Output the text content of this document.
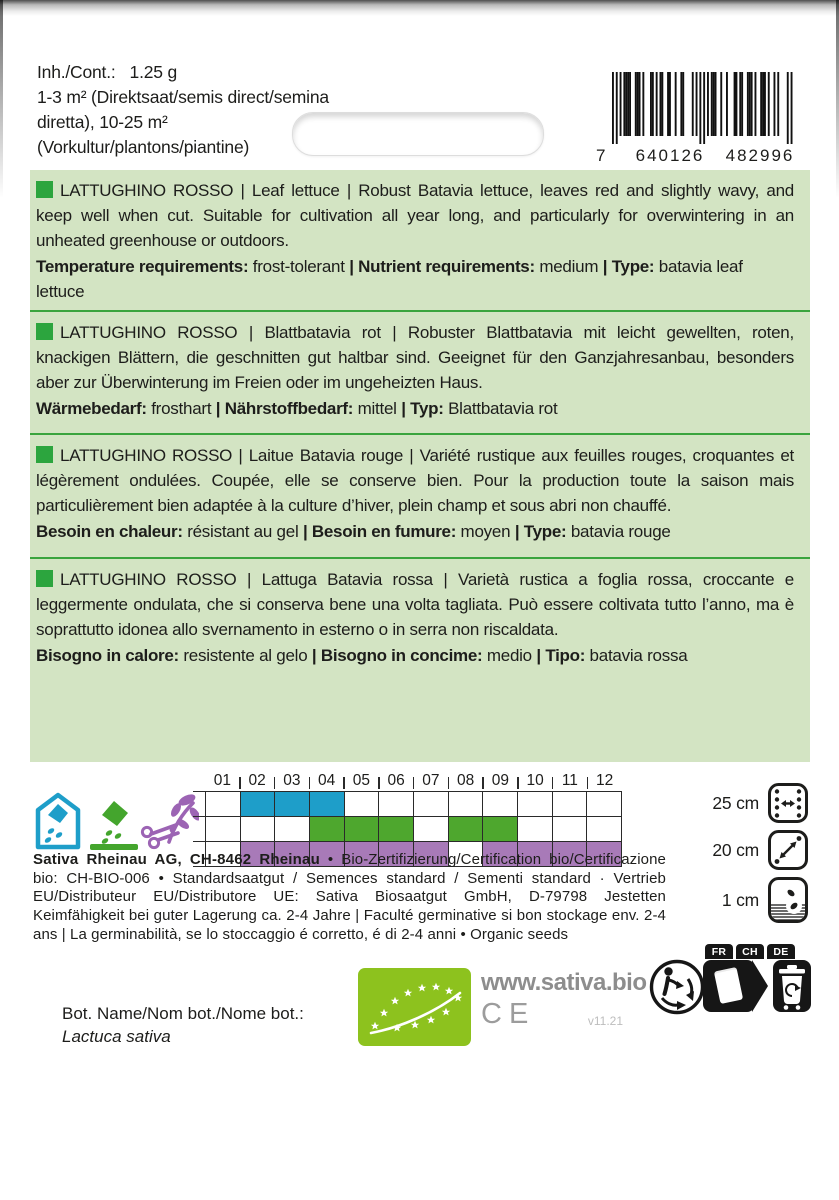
Inh./Cont.: 1.25 g
1-3 m² (Direktsaat/semis direct/semina diretta), 10-25 m² (Vorkultur/plantons/piantine)	7	640126	482996
LATTUGHINO ROSSO | Leaf lettuce | Robust Batavia lettuce, leaves red and slightly wavy, and keep well when cut. Suitable for cultivation all year long, and particularly for overwintering in an unheated greenhouse or outdoors.
Temperature requirements: frost-tolerant | Nutrient requirements: medium | Type: batavia leaf lettuce
LATTUGHINO ROSSO | Blattbatavia rot | Robuster Blattbatavia mit leicht gewellten, roten, knackigen Blättern, die geschnitten gut haltbar sind. Geeignet für den Ganzjahresanbau, besonders aber zur Überwinterung im Freien oder im ungeheizten Haus.
Wärmebedarf: frosthart | Nährstoffbedarf: mittel | Typ: Blattbatavia rot
LATTUGHINO ROSSO | Laitue Batavia rouge | Variété rustique aux feuilles rouges, croquantes et légèrement ondulées. Coupée, elle se conserve bien. Pour la production toute la saison mais particulièrement bien adaptée à la culture d’hiver, plein champ et sous abri non chauffé.
Besoin en chaleur: résistant au gel | Besoin en fumure: moyen | Type: batavia rouge
LATTUGHINO ROSSO | Lattuga Batavia rossa | Varietà rustica a foglia rossa, croccante e leggermente ondulata, che si conserva bene una volta tagliata. Può essere coltivata tutto l’anno, ma è soprattutto idonea allo svernamento in esterno o in serra non riscaldata.
Bisogno in calore: resistente al gelo | Bisogno in concime: medio | Tipo: batavia rossa
01	02	03	04	05	06	07	08	09	10	11	12
25 cm
20 cm
1 cm
Sativa Rheinau AG, CH-8462 Rheinau • Bio-Zertifizierung/Certification bio/Certificazione bio: CH-BIO-006 • Standardsaatgut / Semences standard / Sementi standard · Vertrieb EU/Distributeur EU/Distributore UE: Sativa Biosaatgut GmbH, D-79798 Jestetten Keimfähigkeit bei guter Lagerung ca. 2-4 Jahre | Faculté germinative si bon stockage env. 2-4 ans | La germinabilità, se lo stoccaggio é corretto, é di 2-4 anni • Organic seeds
Bot. Name/Nom bot./Nome bot.:
Lactuca sativa
www.sativa.bio
CE	v11.21
FR	CH	DE
